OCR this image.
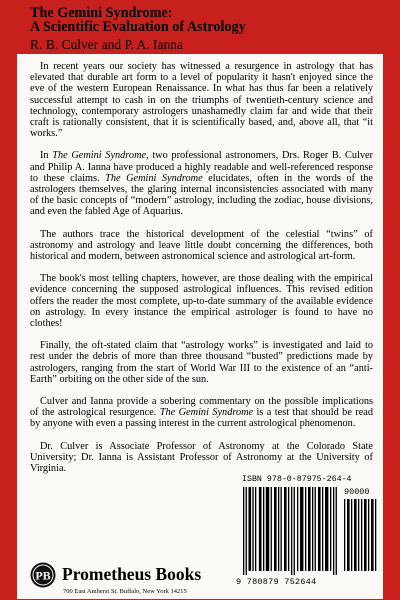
The Gemini Syndrome:
A Scientific Evaluation of Astrology
R. B. Culver and P. A. Ianna

In recent years our society has witnessed a resurgence in astrology that has elevated that durable art form to a level of popularity it hasn't enjoyed since the eve of the western European Renaissance. In what has thus far been a relatively successful attempt to cash in on the triumphs of twentieth-century science and technology, contemporary astrologers unashamedly claim far and wide that their craft is rationally consistent, that it is scientifically based, and, above all, that “it works.”

In The Gemini Syndrome, two professional astronomers, Drs. Roger B. Culver and Philip A. Ianna have produced a highly readable and well-referenced response to these claims. The Gemini Syndrome elucidates, often in the words of the astrologers themselves, the glaring internal inconsistencies associated with many of the basic concepts of “modern” astrology, including the zodiac, house divisions, and even the fabled Age of Aquarius.

The authors trace the historical development of the celestial “twins” of astronomy and astrology and leave little doubt concerning the differences, both historical and modern, between astronomical science and astrological art-form.

The book's most telling chapters, however, are those dealing with the empirical evidence concerning the supposed astrological influences. This revised edition offers the reader the most complete, up-to-date summary of the available evidence on astrology. In every instance the empirical astrologer is found to have no clothes!

Finally, the oft-stated claim that “astrology works” is investigated and laid to rest under the debris of more than three thousand “busted” predictions made by astrologers, ranging from the start of World War III to the existence of an “anti-Earth” orbiting on the other side of the sun.

Culver and Ianna provide a sobering commentary on the possible implications of the astrological resurgence. The Gemini Syndrome is a test that should be read by anyone with even a passing interest in the current astrological phenomenon.

Dr. Culver is Associate Professor of Astronomy at the Colorado State University; Dr. Ianna is Assistant Professor of Astronomy at the University of Virginia.

ISBN 978-0-87975-264-4
90000
9 780879 752644
PB Prometheus Books
700 East Amherst St. Buffalo, New York 14215
